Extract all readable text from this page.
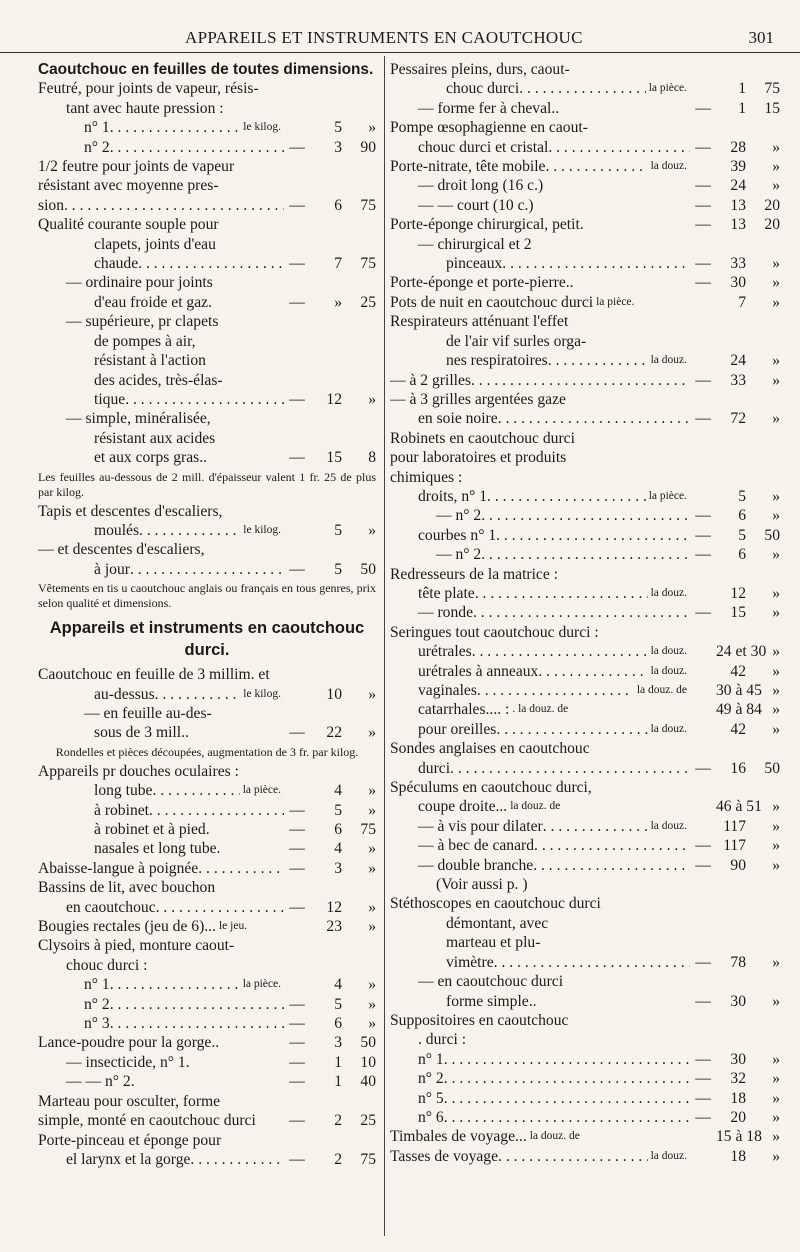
APPAREILS ET INSTRUMENTS EN CAOUTCHOUC	301
Caoutchouc en feuilles de toutes dimensions.
Feutré, pour joints de vapeur, résis-
tant avec haute pression :
n° 1 . . .	le kilog.	5	»
n° 2 . . .	—	3	90
1/2 feutre pour joints de vapeur
résistant avec moyenne pres-
sion . . .	—	6	75
Qualité courante souple pour
clapets, joints d'eau
chaude . . .	—	7	75
— ordinaire pour joints
d'eau froide et gaz.	—	»	25
— supérieure, pr clapets
de pompes à air,
résistant à l'action
des acides, très-élas-
tique . . .	—	12	»
— simple, minéralisée,
résistant aux acides
et aux corps gras..	—	15	8
Les feuilles au-dessous de 2 mill. d'épaisseur valent 1 fr. 25 de plus par kilog.
Tapis et descentes d'escaliers,
moulés . . .	le kilog.	5	»
— et descentes d'escaliers,
à jour . . .	—	5	50
Vêtements en tis u caoutchouc anglais ou français en tous genres, prix selon qualité et dimensions.
Appareils et instruments en caoutchouc durci.
Caoutchouc en feuille de 3 millim. et
au-dessus . . .	le kilog.	10	»
— en feuille au-des-
sous de 3 mill..	—	22	»
Rondelles et pièces découpées, augmentation de 3 fr. par kilog.
Appareils pr douches oculaires :
long tube . . .	la pièce.	4	»
à robinet . . .	—	5	»
à robinet et à pied.	—	6	75
nasales et long tube.	—	4	»
Abaisse-langue à poignée . . .	—	3	»
Bassins de lit, avec bouchon
en caoutchouc . . .	—	12	»
Bougies rectales (jeu de 6)... le jeu.	23	»
Clysoirs à pied, monture caout-
chouc durci :
n° 1 . . .	la pièce.	4	»
n° 2 . . .	—	5	»
n° 3 . . .	—	6	»
Lance-poudre pour la gorge..	—	3	50
— insecticide, n° 1.	—	1	10
— — n° 2.	—	1	40
Marteau pour osculter, forme
simple, monté en caoutchouc durci	—	2	25
Porte-pinceau et éponge pour
el larynx et la gorge . . .	—	2	75
Pessaires pleins, durs, caout-
chouc durci . . .	la pièce.	1	75
— forme fer à cheval..	—	1	15
Pompe œsophagienne en caout-
chouc durci et cristal . . .	—	28	»
Porte-nitrate, tête mobile . . .	la douz.	39	»
— droit long (16 c.)	—	24	»
— — court (10 c.)	—	13	20
Porte-éponge chirurgical, petit.	—	13	20
— chirurgical et 2
pinceaux . . .	—	33	»
Porte-éponge et porte-pierre..	—	30	»
Pots de nuit en caoutchouc durci la pièce.	7	»
Respirateurs atténuant l'effet
de l'air vif surles orga-
nes respiratoires . . .	la douz.	24	»
— à 2 grilles . . .	—	33	»
— à 3 grilles argentées gaze
en soie noire . . .	—	72	»
Robinets en caoutchouc durci
pour laboratoires et produits
chimiques :
droits, n° 1 . . .	la pièce.	5	»
— n° 2 . . .	—	6	»
courbes n° 1 . . .	—	5	50
— n° 2 . . .	—	6	»
Redresseurs de la matrice :
tête plate . . .	la douz.	12	»
— ronde . . .	—	15	»
Seringues tout caoutchouc durci :
urétrales . . .	la douz. 24 et 30 »
urétrales à anneaux . . .	la douz.	42	»
vaginales . . .	la douz. de 30 à 45 »
catarrhales.... : . la douz. de	49 à 84 »
pour oreilles . . .	la douz.	42	»
Sondes anglaises en caoutchouc
durci . . .	—	16	50
Spéculums en caoutchouc durci,
coupe droite... la douz. de	46 à 51 »
— à vis pour dilater . . .	la douz.	117	»
— à bec de canard . . .	— 117	»
— double branche . . .	—	90	»
(Voir aussi p. )
Stéthoscopes en caoutchouc durci
démontant, avec
marteau et plu-
vimètre . . .	—	78	»
— en caoutchouc durci
forme simple..	—	30	»
Suppositoires en caoutchouc
. durci :
n° 1 . . .	—	30	»
n° 2 . . .	—	32	»
n° 5 . . .	—	18	»
n° 6 . . .	—	20	»
Timbales de voyage... la douz. de	15 à 18 »
Tasses de voyage . . .	la douz.	18	»
